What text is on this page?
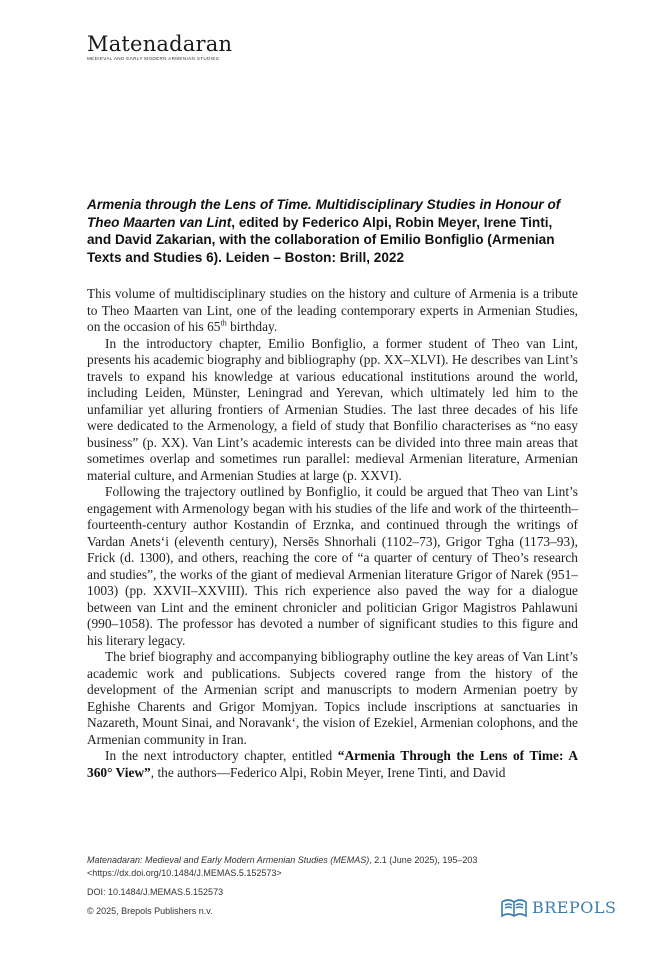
Matenadaran
MEDIEVAL AND EARLY MODERN ARMENIAN STUDIES
Armenia through the Lens of Time. Multidisciplinary Studies in Honour of Theo Maarten van Lint, edited by Federico Alpi, Robin Meyer, Irene Tinti, and David Zakarian, with the collaboration of Emilio Bonfiglio (Armenian Texts and Studies 6). Leiden – Boston: Brill, 2022

This volume of multidisciplinary studies on the history and culture of Armenia is a tribute to Theo Maarten van Lint, one of the leading contemporary experts in Armenian Studies, on the occasion of his 65th birthday.

In the introductory chapter, Emilio Bonfiglio, a former student of Theo van Lint, presents his academic biography and bibliography (pp. XX–XLVI). He describes van Lint’s travels to expand his knowledge at various educational institutions around the world, including Leiden, Münster, Leningrad and Yerevan, which ultimately led him to the unfamiliar yet alluring frontiers of Armenian Studies. The last three decades of his life were dedicated to the Armenology, a field of study that Bonfilio characterises as “no easy business” (p. XX). Van Lint’s academic interests can be divided into three main areas that sometimes overlap and sometimes run parallel: medieval Armenian literature, Armenian material culture, and Armenian Studies at large (p. XXVI).

Following the trajectory outlined by Bonfiglio, it could be argued that Theo van Lint’s engagement with Armenology began with his studies of the life and work of the thirteenth–fourteenth-century author Kostandin of Erznka, and continued through the writings of Vardan Anets‘i (eleventh century), Nersēs Shnorhali (1102–73), Grigor Tgha (1173–93), Frick (d. 1300), and others, reaching the core of “a quarter of century of Theo’s research and studies”, the works of the giant of medieval Armenian literature Grigor of Narek (951–1003) (pp. XXVII–XXVIII). This rich experience also paved the way for a dialogue between van Lint and the eminent chronicler and politician Grigor Magistros Pahlawuni (990–1058). The professor has devoted a number of significant studies to this figure and his literary legacy.

The brief biography and accompanying bibliography outline the key areas of Van Lint’s academic work and publications. Subjects covered range from the history of the development of the Armenian script and manuscripts to modern Armenian poetry by Eghishe Charents and Grigor Momjyan. Topics include inscriptions at sanctuaries in Nazareth, Mount Sinai, and Noravank‘, the vision of Ezekiel, Armenian colophons, and the Armenian community in Iran.

In the next introductory chapter, entitled “Armenia Through the Lens of Time: A 360° View”, the authors—Federico Alpi, Robin Meyer, Irene Tinti, and David

Matenadaran: Medieval and Early Modern Armenian Studies (MEMAS), 2.1 (June 2025), 195–203
<https://dx.doi.org/10.1484/J.MEMAS.5.152573>
DOI: 10.1484/J.MEMAS.5.152573
© 2025, Brepols Publishers n.v.	BREPOLS
